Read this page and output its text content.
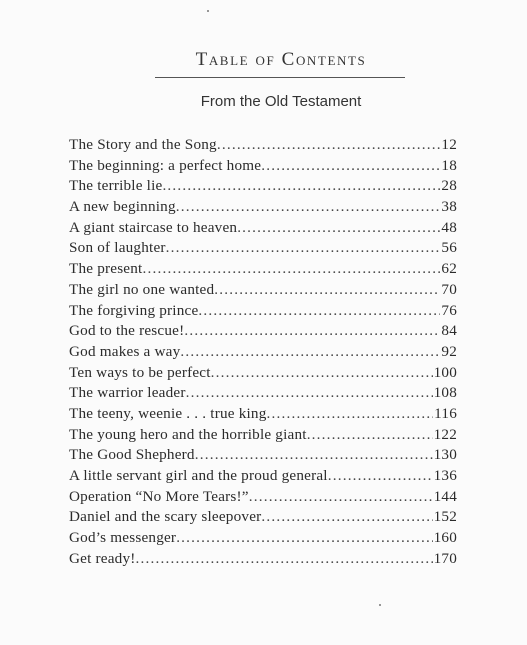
Table of Contents
From the Old Testament
The Story and the Song .....	12
The beginning: a perfect home .....	18
The terrible lie .....	28
A new beginning .....	38
A giant staircase to heaven .....	48
Son of laughter .....	56
The present .....	62
The girl no one wanted .....	70
The forgiving prince .....	76
God to the rescue! .....	84
God makes a way .....	92
Ten ways to be perfect .....	100
The warrior leader .....	108
The teeny, weenie . . . true king .....	116
The young hero and the horrible giant .....	122
The Good Shepherd .....	130
A little servant girl and the proud general .....	136
Operation “No More Tears!” .....	144
Daniel and the scary sleepover .....	152
God’s messenger .....	160
Get ready! .....	170
